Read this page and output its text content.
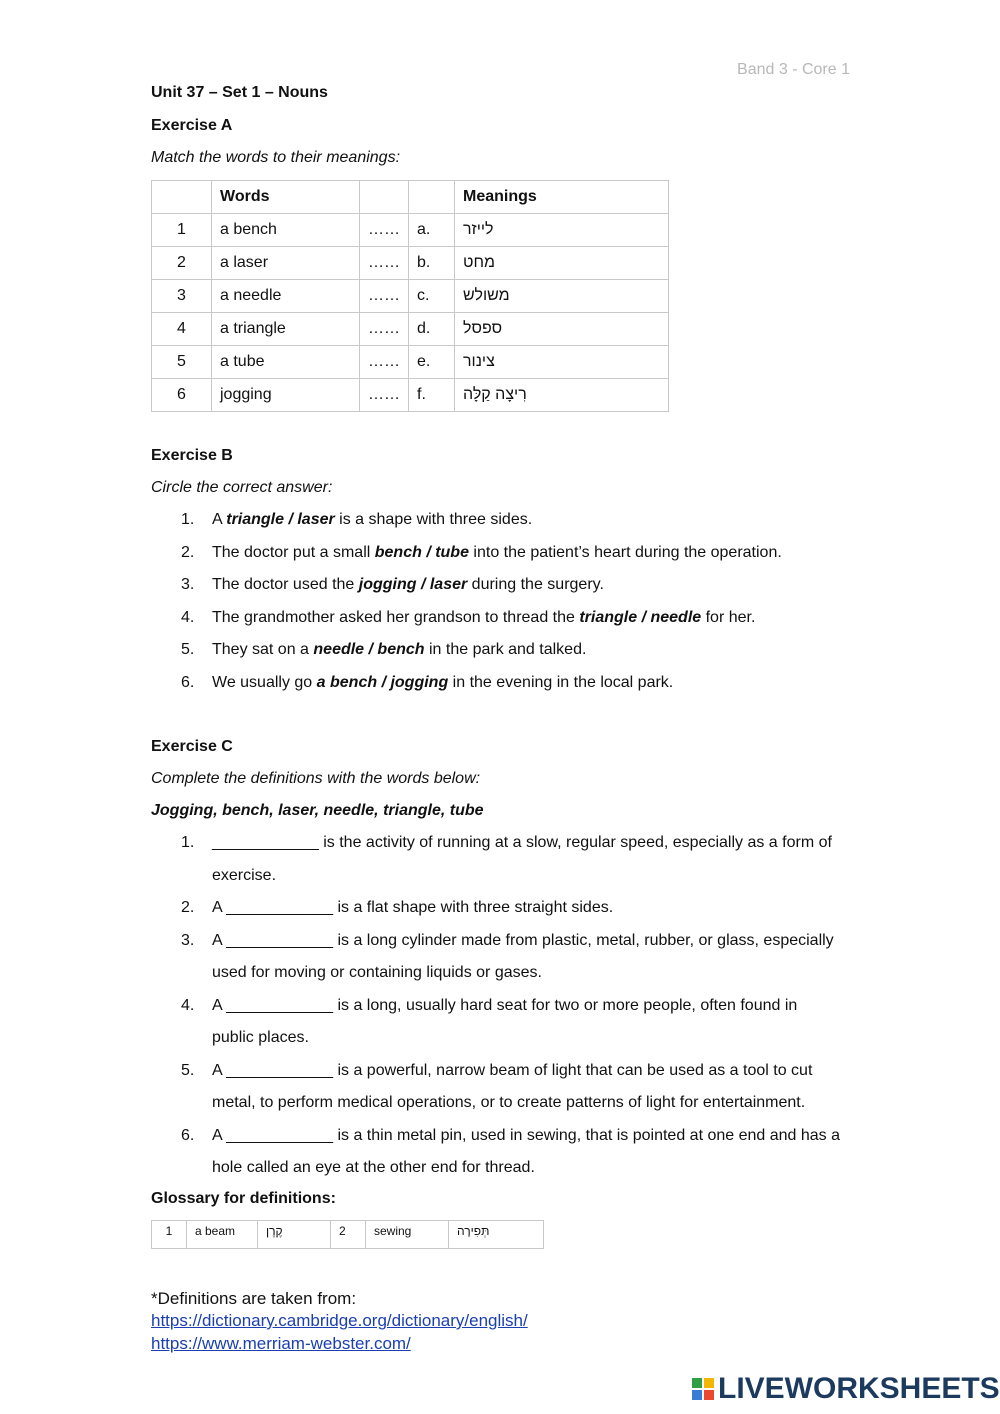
Band 3 - Core 1
Unit 37 – Set 1 – Nouns
Exercise A
Match the words to their meanings:
	Words			Meanings
1	a bench	……	a.	לייזר
2	a laser	……	b.	מחט
3	a needle	……	c.	משולש
4	a triangle	……	d.	ספסל
5	a tube	……	e.	צינור
6	jogging	……	f.	רִיצָה קַלָּה
Exercise B
Circle the correct answer:
1. A triangle / laser is a shape with three sides.
2. The doctor put a small bench / tube into the patient’s heart during the operation.
3. The doctor used the jogging / laser during the surgery.
4. The grandmother asked her grandson to thread the triangle / needle for her.
5. They sat on a needle / bench in the park and talked.
6. We usually go a bench / jogging in the evening in the local park.
Exercise C
Complete the definitions with the words below:
Jogging, bench, laser, needle, triangle, tube
1. ____________ is the activity of running at a slow, regular speed, especially as a form of
exercise.
2. A ____________ is a flat shape with three straight sides.
3. A ____________ is a long cylinder made from plastic, metal, rubber, or glass, especially
used for moving or containing liquids or gases.
4. A ____________ is a long, usually hard seat for two or more people, often found in
public places.
5. A ____________ is a powerful, narrow beam of light that can be used as a tool to cut
metal, to perform medical operations, or to create patterns of light for entertainment.
6. A ____________ is a thin metal pin, used in sewing, that is pointed at one end and has a
hole called an eye at the other end for thread.
Glossary for definitions:
1	a beam	קֶרֶן	2	sewing	תְּפִירָה
*Definitions are taken from:
https://dictionary.cambridge.org/dictionary/english/
https://www.merriam-webster.com/
LIVEWORKSHEETS
